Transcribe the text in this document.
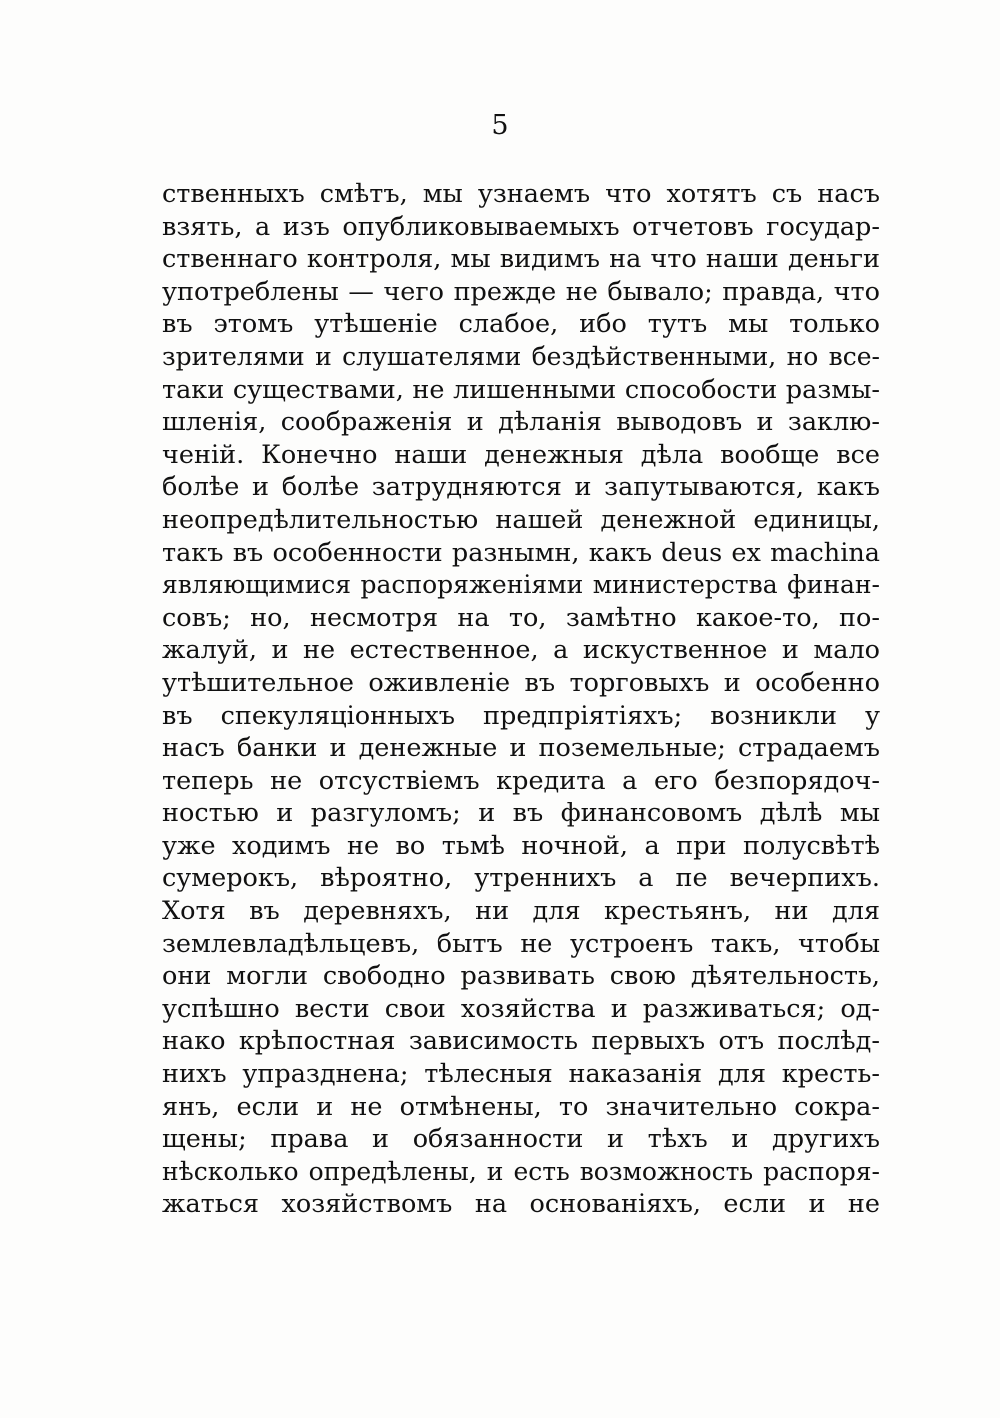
5
ственныхъ смѣтъ, мы узнаемъ что хотятъ съ насъ
взять, а изъ опубликовываемыхъ отчетовъ государ-
ственнаго контроля, мы видимъ на что наши деньги
употреблены — чего прежде не бывало; правда, что
въ этомъ утѣшеніе слабое, ибо тутъ мы только
зрителями и слушателями бездѣйственными, но все-
таки существами, не лишенными способости размы-
шленія, соображенія и дѣланія выводовъ и заклю-
ченій. Конечно наши денежныя дѣла вообще все
болѣе и болѣе затрудняются и запутываются, какъ
неопредѣлительностью нашей денежной единицы,
такъ въ особенности разнымн, какъ deus ex machina
являющимися распоряженіями министерства финан-
совъ; но, несмотря на то, замѣтно какое-то, по-
жалуй, и не естественное, а искуственное и мало
утѣшительное оживленіе въ торговыхъ и особенно
въ спекуляціонныхъ предпріятіяхъ; возникли у
насъ банки и денежные и поземельные; страдаемъ
теперь не отсуствіемъ кредита а его безпорядоч-
ностью и разгуломъ; и въ финансовомъ дѣлѣ мы
уже ходимъ не во тьмѣ ночной, а при полусвѣтѣ
сумерокъ, вѣроятно, утреннихъ а пе вечерпихъ.
Хотя въ деревняхъ, ни для крестьянъ, ни для
землевладѣльцевъ, бытъ не устроенъ такъ, чтобы
они могли свободно развивать свою дѣятельность,
успѣшно вести свои хозяйства и разживаться; од-
нако крѣпостная зависимость первыхъ отъ послѣд-
нихъ упразднена; тѣлесныя наказанія для кресть-
янъ, если и не отмѣнены, то значительно сокра-
щены; права и обязанности и тѣхъ и другихъ
нѣсколько опредѣлены, и есть возможность распоря-
жаться хозяйствомъ на основаніяхъ, если и не
